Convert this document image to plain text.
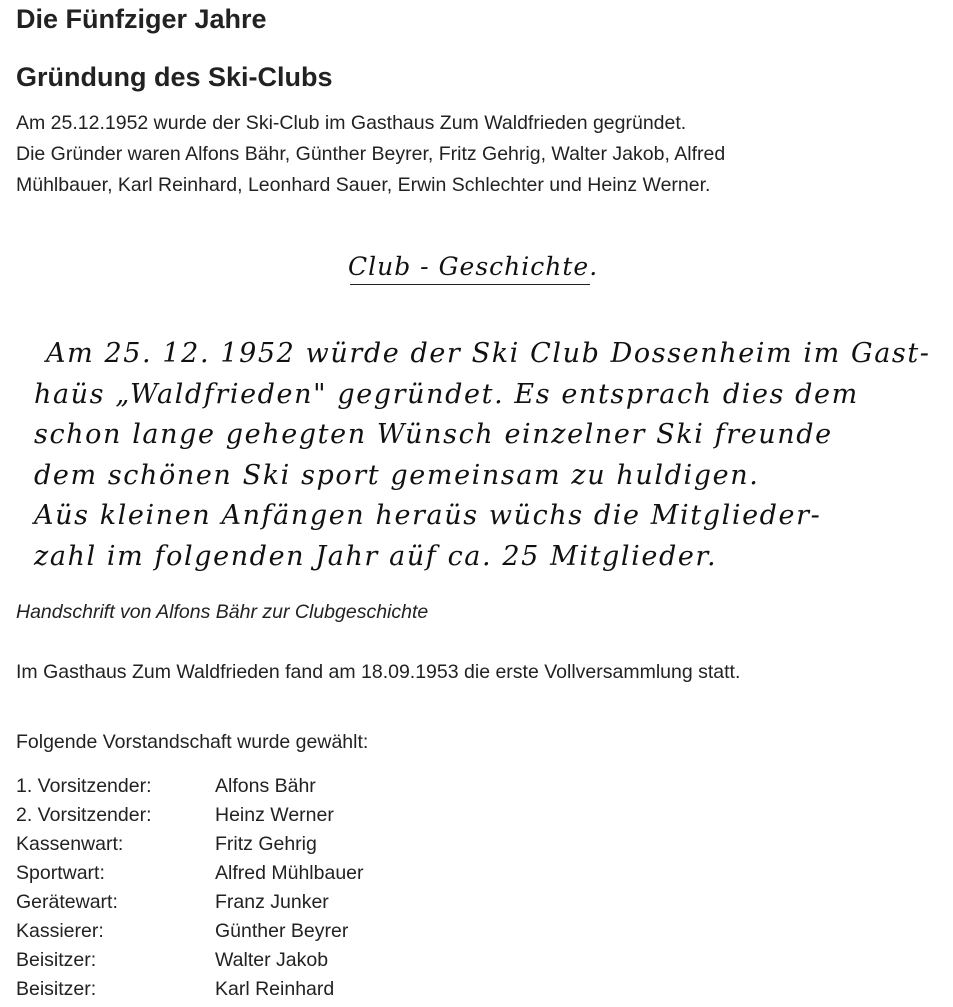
Die Fünfziger Jahre
Gründung des Ski-Clubs

Am 25.12.1952 wurde der Ski-Club im Gasthaus Zum Waldfrieden gegründet.

Die Gründer waren Alfons Bähr, Günther Beyrer, Fritz Gehrig, Walter Jakob, Alfred

Mühlbauer, Karl Reinhard, Leonhard Sauer, Erwin Schlechter und Heinz Werner.

Club - Geschichte.
Am 25. 12. 1952 würde der Ski Club Dossenheim im Gast-
haüs „Waldfrieden" gegründet. Es entsprach dies dem
schon lange gehegten Wünsch einzelner Ski freunde
dem schönen Ski sport gemeinsam zu huldigen.
Aüs kleinen Anfängen heraüs wüchs die Mitglieder-
zahl im folgenden Jahr aüf ca. 25 Mitglieder.
Handschrift von Alfons Bähr zur Clubgeschichte
Im Gasthaus Zum Waldfrieden fand am 18.09.1953 die erste Vollversammlung statt.
Folgende Vorstandschaft wurde gewählt:
1. Vorsitzender:	Alfons Bähr
2. Vorsitzender:	Heinz Werner
Kassenwart:	Fritz Gehrig
Sportwart:	Alfred Mühlbauer
Gerätewart:	Franz Junker
Kassierer:	Günther Beyrer
Beisitzer:	Walter Jakob
Beisitzer:	Karl Reinhard
